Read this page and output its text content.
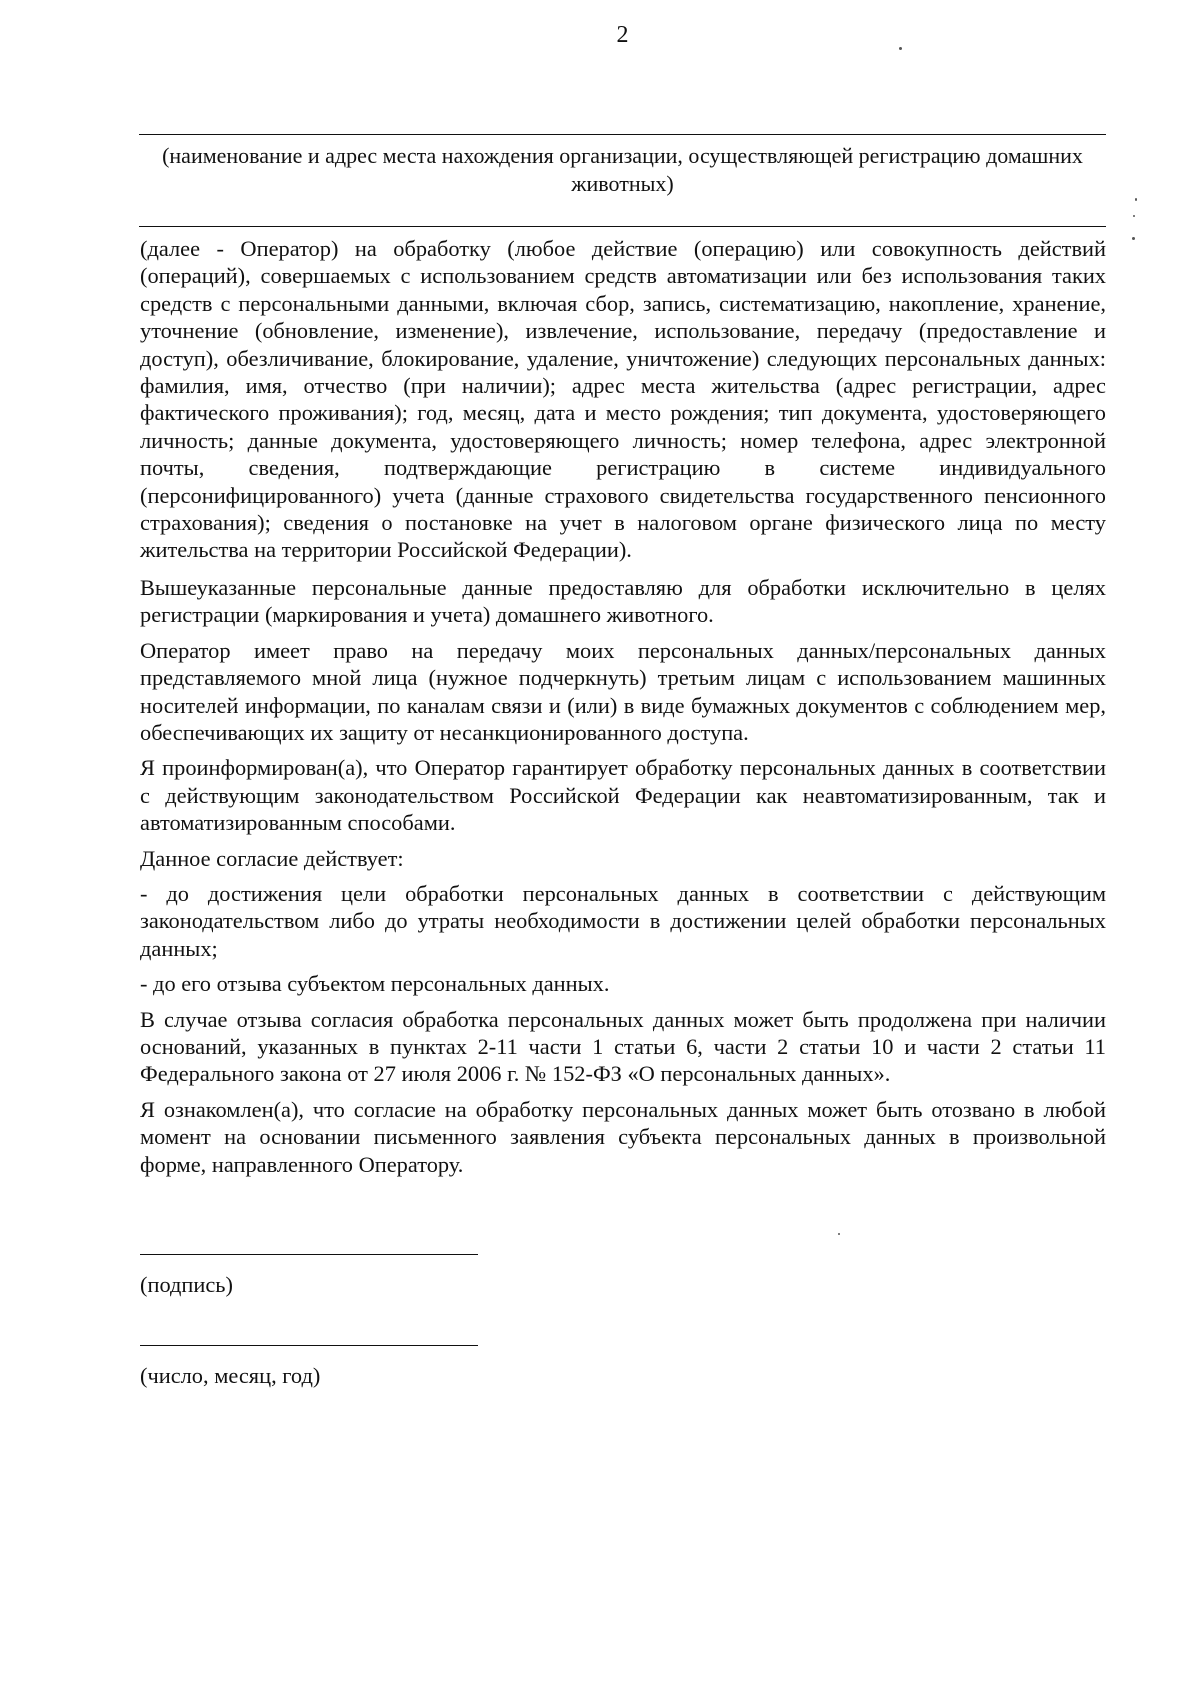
2
(наименование и адрес места нахождения организации, осуществляющей регистрацию домашних животных)

(далее - Оператор) на обработку (любое действие (операцию) или совокупность действий (операций), совершаемых с использованием средств автоматизации или без использования таких средств с персональными данными, включая сбор, запись, систематизацию, накопление, хранение, уточнение (обновление, изменение), извлечение, использование, передачу (предоставление и доступ), обезличивание, блокирование, удаление, уничтожение) следующих персональных данных: фамилия, имя, отчество (при наличии); адрес места жительства (адрес регистрации, адрес фактического проживания); год, месяц, дата и место рождения; тип документа, удостоверяющего личность; данные документа, удостоверяющего личность; номер телефона, адрес электронной почты, сведения, подтверждающие регистрацию в системе индивидуального (персонифицированного) учета (данные страхового свидетельства государственного пенсионного страхования); сведения о постановке на учет в налоговом органе физического лица по месту жительства на территории Российской Федерации).

Вышеуказанные персональные данные предоставляю для обработки исключительно в целях регистрации (маркирования и учета) домашнего животного.

Оператор имеет право на передачу моих персональных данных/персональных данных представляемого мной лица (нужное подчеркнуть) третьим лицам с использованием машинных носителей информации, по каналам связи и (или) в виде бумажных документов с соблюдением мер, обеспечивающих их защиту от несанкционированного доступа.

Я проинформирован(а), что Оператор гарантирует обработку персональных данных в соответствии с действующим законодательством Российской Федерации как неавтоматизированным, так и автоматизированным способами.

Данное согласие действует:

- до достижения цели обработки персональных данных в соответствии с действующим законодательством либо до утраты необходимости в достижении целей обработки персональных данных;

- до его отзыва субъектом персональных данных.

В случае отзыва согласия обработка персональных данных может быть продолжена при наличии оснований, указанных в пунктах 2-11 части 1 статьи 6, части 2 статьи 10 и части 2 статьи 11 Федерального закона от 27 июля 2006 г. № 152-ФЗ «О персональных данных».

Я ознакомлен(а), что согласие на обработку персональных данных может быть отозвано в любой момент на основании письменного заявления субъекта персональных данных в произвольной форме, направленного Оператору.

(подпись)
(число, месяц, год)
